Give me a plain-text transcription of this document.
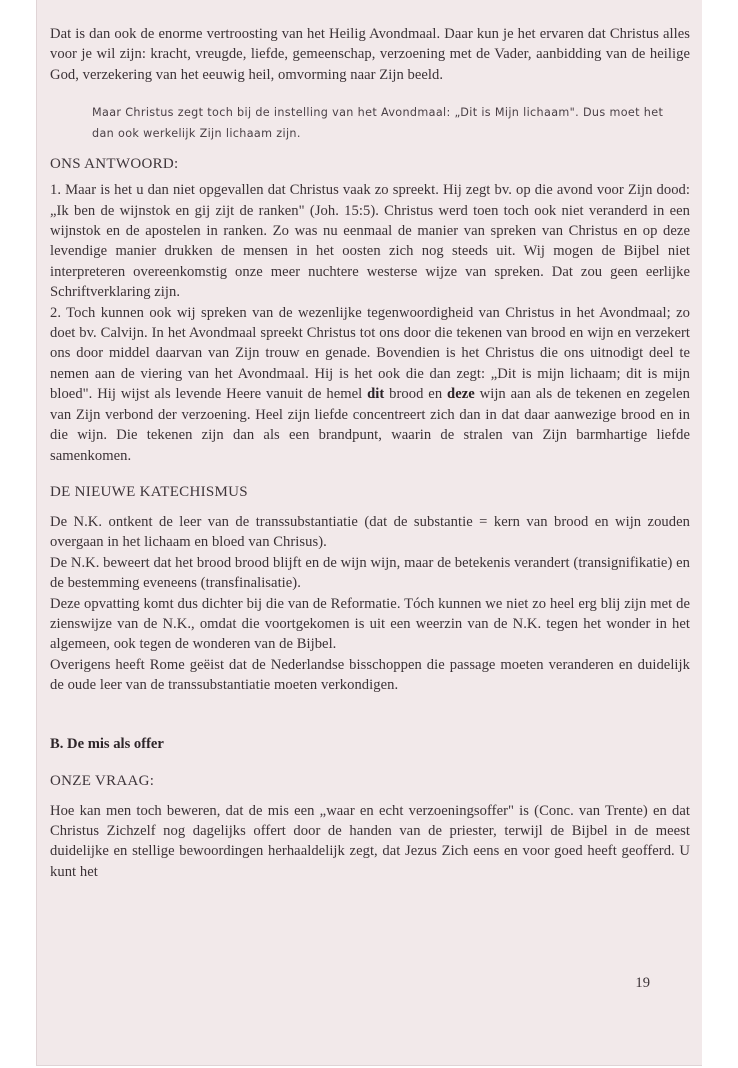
Dat is dan ook de enorme vertroosting van het Heilig Avondmaal. Daar kun je het ervaren dat Christus alles voor je wil zijn: kracht, vreugde, liefde, gemeenschap, verzoening met de Vader, aanbidding van de heilige God, verzekering van het eeuwig heil, omvorming naar Zijn beeld.

Maar Christus zegt toch bij de instelling van het Avondmaal: „Dit is Mijn lichaam". Dus moet het dan ook werkelijk Zijn lichaam zijn.

ONS ANTWOORD:

1. Maar is het u dan niet opgevallen dat Christus vaak zo spreekt. Hij zegt bv. op die avond voor Zijn dood: „Ik ben de wijnstok en gij zijt de ranken" (Joh. 15:5). Christus werd toen toch ook niet veranderd in een wijnstok en de apostelen in ranken. Zo was nu eenmaal de manier van spreken van Christus en op deze levendige manier drukken de mensen in het oosten zich nog steeds uit. Wij mogen de Bijbel niet interpreteren overeenkomstig onze meer nuchtere westerse wijze van spreken. Dat zou geen eerlijke Schriftverklaring zijn.

2. Toch kunnen ook wij spreken van de wezenlijke tegenwoordigheid van Christus in het Avondmaal; zo doet bv. Calvijn. In het Avondmaal spreekt Christus tot ons door die tekenen van brood en wijn en verzekert ons door middel daarvan van Zijn trouw en genade. Bovendien is het Christus die ons uitnodigt deel te nemen aan de viering van het Avondmaal. Hij is het ook die dan zegt: „Dit is mijn lichaam; dit is mijn bloed". Hij wijst als levende Heere vanuit de hemel dit brood en deze wijn aan als de tekenen en zegelen van Zijn verbond der verzoening. Heel zijn liefde concentreert zich dan in dat daar aanwezige brood en in die wijn. Die tekenen zijn dan als een brandpunt, waarin de stralen van Zijn barmhartige liefde samenkomen.

DE NIEUWE KATECHISMUS

De N.K. ontkent de leer van de transsubstantiatie (dat de substantie = kern van brood en wijn zouden overgaan in het lichaam en bloed van Chrisus).

De N.K. beweert dat het brood brood blijft en de wijn wijn, maar de betekenis verandert (transignifikatie) en de bestemming eveneens (transfinalisatie).

Deze opvatting komt dus dichter bij die van de Reformatie. Tóch kunnen we niet zo heel erg blij zijn met de zienswijze van de N.K., omdat die voortgekomen is uit een weerzin van de N.K. tegen het wonder in het algemeen, ook tegen de wonderen van de Bijbel.

Overigens heeft Rome geëist dat de Nederlandse bisschoppen die passage moeten veranderen en duidelijk de oude leer van de transsubstantiatie moeten verkondigen.

B. De mis als offer

ONZE VRAAG:

Hoe kan men toch beweren, dat de mis een „waar en echt verzoeningsoffer" is (Conc. van Trente) en dat Christus Zichzelf nog dagelijks offert door de handen van de priester, terwijl de Bijbel in de meest duidelijke en stellige bewoordingen herhaaldelijk zegt, dat Jezus Zich eens en voor goed heeft geofferd. U kunt het

19
